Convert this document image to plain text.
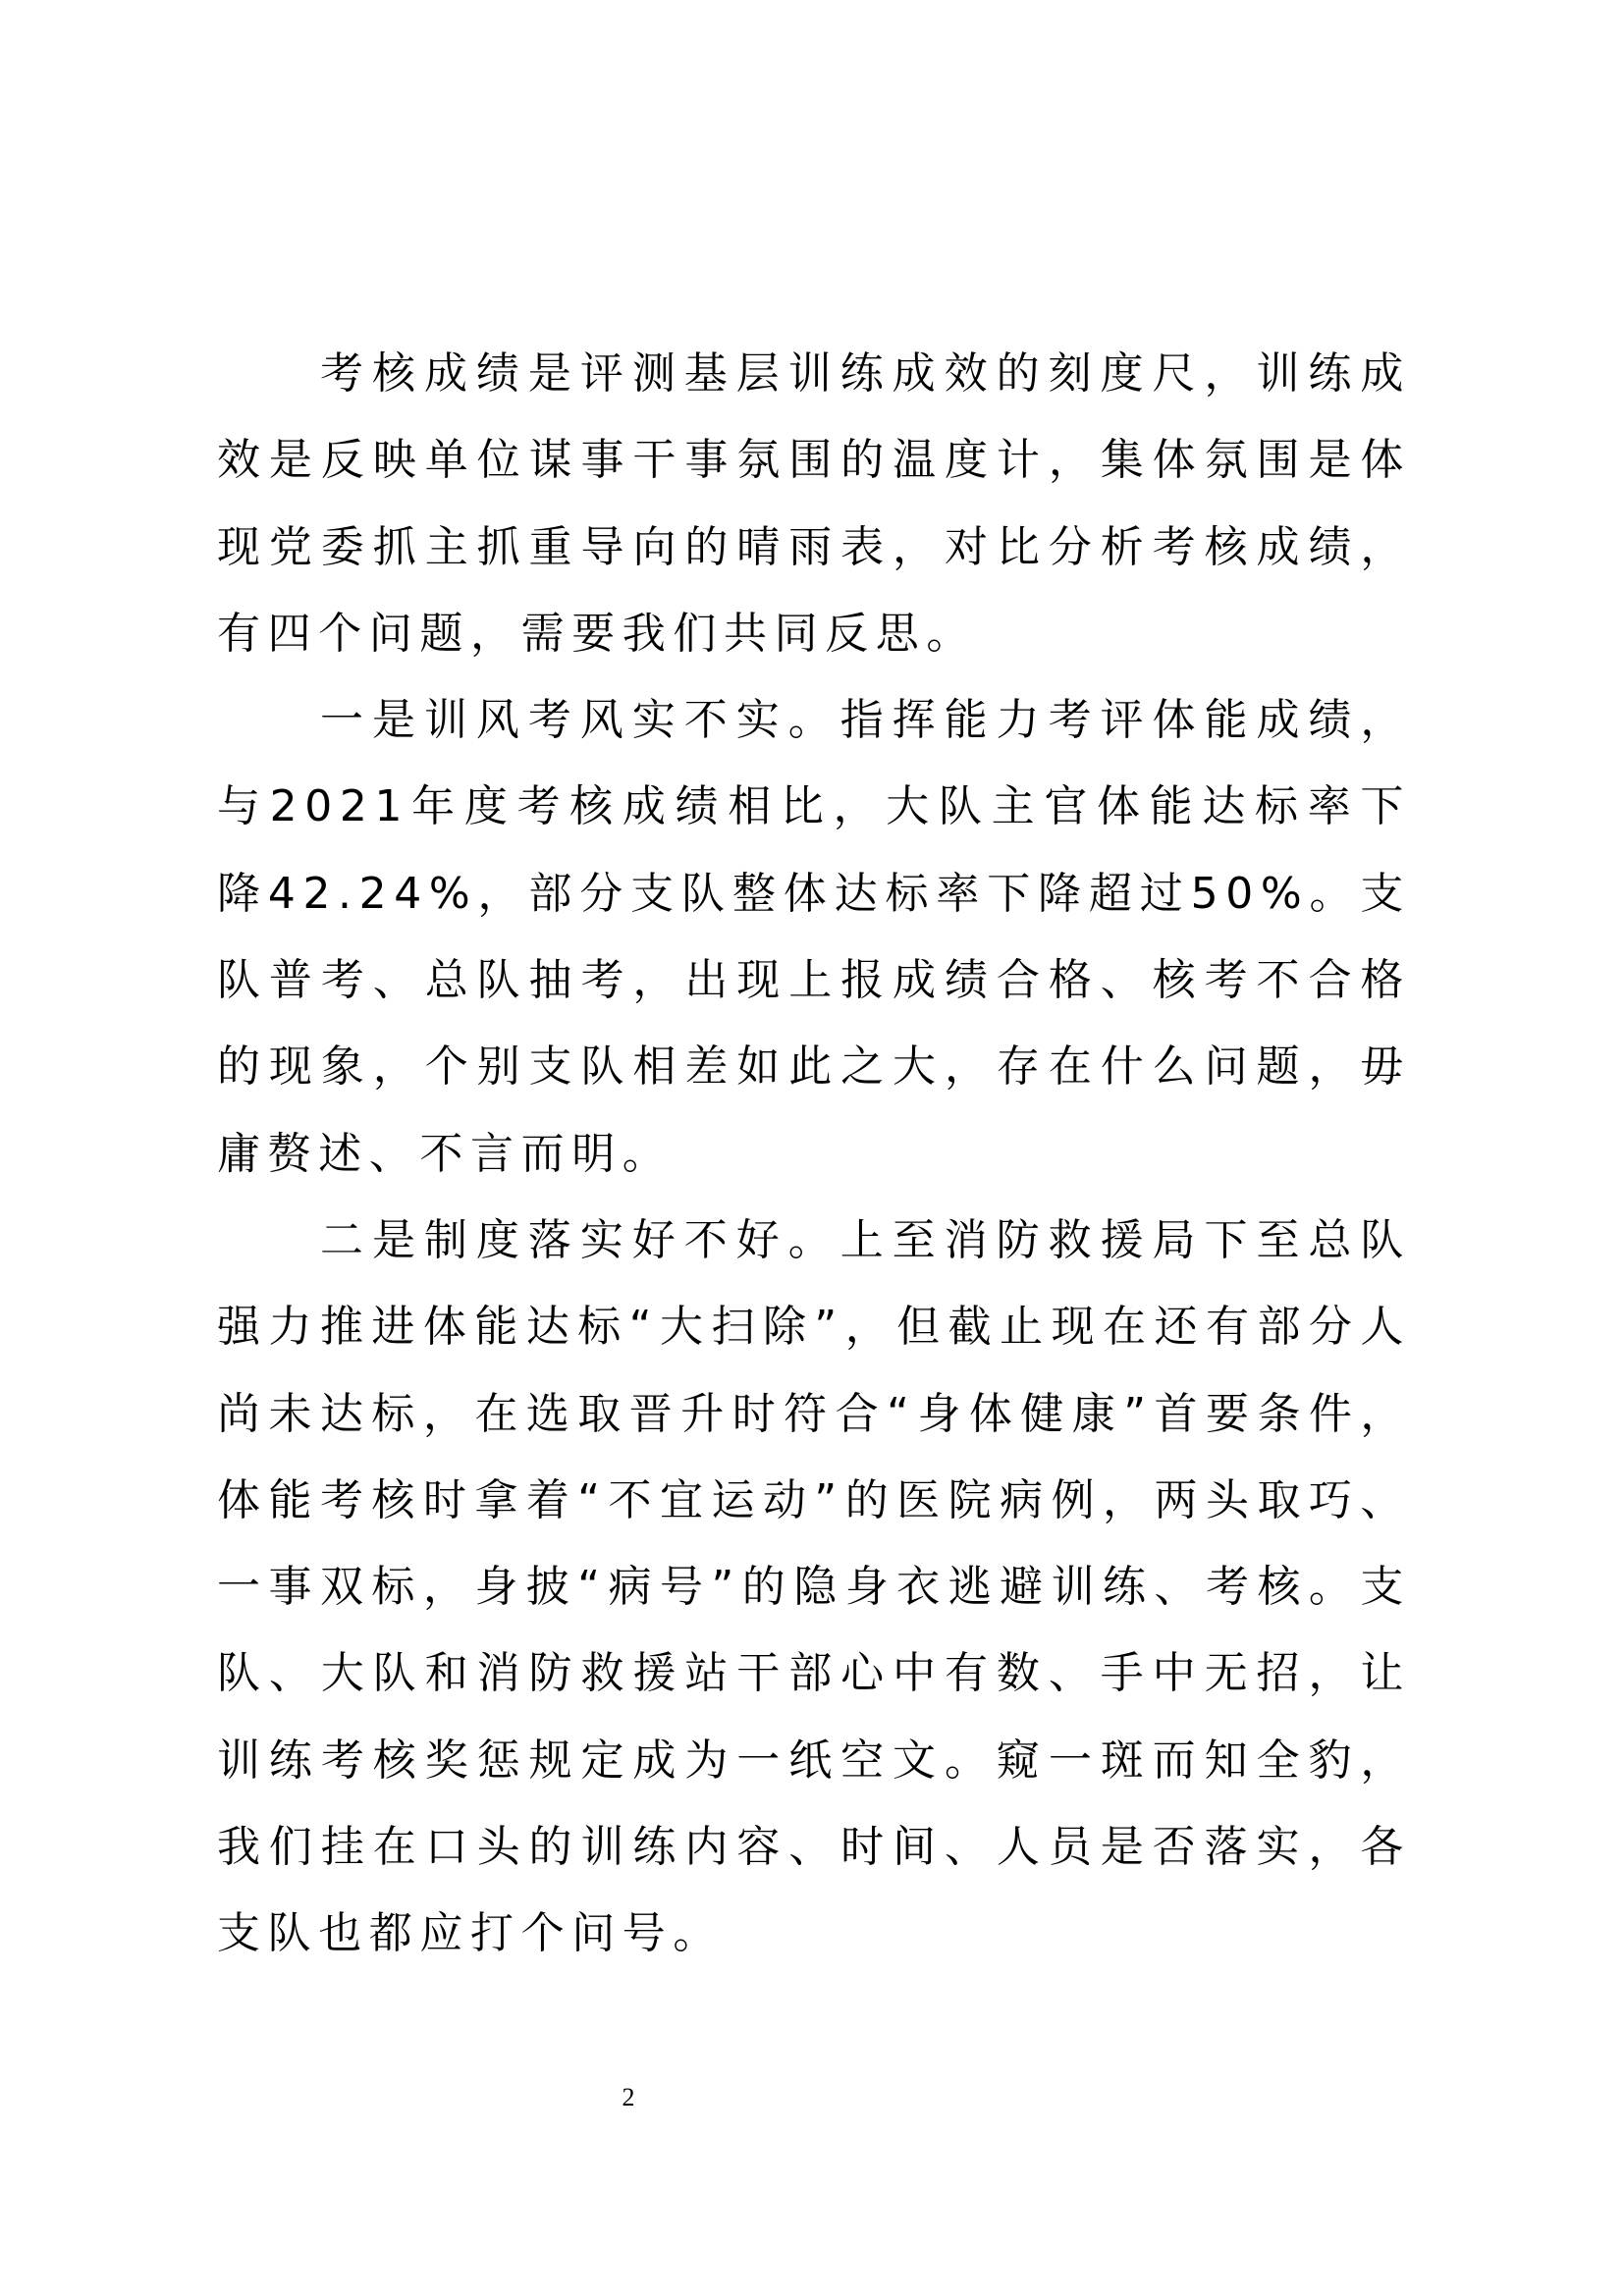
考核成绩是评测基层训练成效的刻度尺，训练成效是反映单位谋事干事氛围的温度计，集体氛围是体现党委抓主抓重导向的晴雨表，对比分析考核成绩，有四个问题，需要我们共同反思。

一是训风考风实不实。指挥能力考评体能成绩，与2021年度考核成绩相比，大队主官体能达标率下降42.24%，部分支队整体达标率下降超过50%。支队普考、总队抽考，出现上报成绩合格、核考不合格的现象，个别支队相差如此之大，存在什么问题，毋庸赘述、不言而明。

二是制度落实好不好。上至消防救援局下至总队强力推进体能达标“大扫除”，但截止现在还有部分人尚未达标，在选取晋升时符合“身体健康”首要条件，体能考核时拿着“不宜运动”的医院病例，两头取巧、一事双标，身披“病号”的隐身衣逃避训练、考核。支队、大队和消防救援站干部心中有数、手中无招，让训练考核奖惩规定成为一纸空文。窥一斑而知全豹，我们挂在口头的训练内容、时间、人员是否落实，各支队也都应打个问号。

2
